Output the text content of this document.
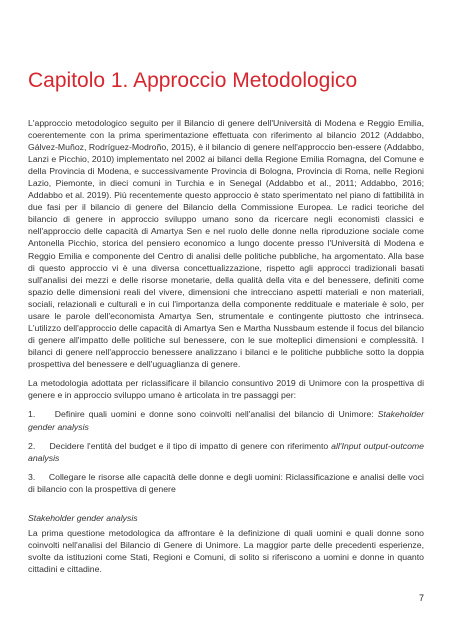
Capitolo 1. Approccio Metodologico

L'approccio metodologico seguito per il Bilancio di genere dell'Università di Modena e Reggio Emilia, coerentemente con la prima sperimentazione effettuata con riferimento al bilancio 2012 (Addabbo, Gálvez-Muñoz, Rodríguez-Modroño, 2015), è il bilancio di genere nell'approccio ben-essere (Addabbo, Lanzi e Picchio, 2010) implementato nel 2002 ai bilanci della Regione Emilia Romagna, del Comune e della Provincia di Modena, e successivamente Provincia di Bologna, Provincia di Roma, nelle Regioni Lazio, Piemonte, in dieci comuni in Turchia e in Senegal (Addabbo et al., 2011; Addabbo, 2016; Addabbo et al. 2019). Più recentemente questo approccio è stato sperimentato nel piano di fattibilità in due fasi per il bilancio di genere del Bilancio della Commissione Europea. Le radici teoriche del bilancio di genere in approccio sviluppo umano sono da ricercare negli economisti classici e nell'approccio delle capacità di Amartya Sen e nel ruolo delle donne nella riproduzione sociale come Antonella Picchio, storica del pensiero economico a lungo docente presso l'Università di Modena e Reggio Emilia e componente del Centro di analisi delle politiche pubbliche, ha argomentato. Alla base di questo approccio vi è una diversa concettualizzazione, rispetto agli approcci tradizionali basati sull'analisi dei mezzi e delle risorse monetarie, della qualità della vita e del benessere, definiti come spazio delle dimensioni reali del vivere, dimensioni che intrecciano aspetti materiali e non materiali, sociali, relazionali e culturali e in cui l'importanza della componente reddituale e materiale è solo, per usare le parole dell'economista Amartya Sen, strumentale e contingente piuttosto che intrinseca. L'utilizzo dell'approccio delle capacità di Amartya Sen e Martha Nussbaum estende il focus del bilancio di genere all'impatto delle politiche sul benessere, con le sue molteplici dimensioni e complessità. I bilanci di genere nell'approccio benessere analizzano i bilanci e le politiche pubbliche sotto la doppia prospettiva del benessere e dell'uguaglianza di genere.

La metodologia adottata per riclassificare il bilancio consuntivo 2019 di Unimore con la prospettiva di genere e in approccio sviluppo umano è articolata in tre passaggi per:

1. Definire quali uomini e donne sono coinvolti nell'analisi del bilancio di Unimore: Stakeholder gender analysis

2. Decidere l'entità del budget e il tipo di impatto di genere con riferimento all'Input output-outcome analysis

3. Collegare le risorse alle capacità delle donne e degli uomini: Riclassificazione e analisi delle voci di bilancio con la prospettiva di genere

Stakeholder gender analysis

La prima questione metodologica da affrontare è la definizione di quali uomini e quali donne sono coinvolti nell'analisi del Bilancio di Genere di Unimore. La maggior parte delle precedenti esperienze, svolte da istituzioni come Stati, Regioni e Comuni, di solito si riferiscono a uomini e donne in quanto cittadini e cittadine.

7
